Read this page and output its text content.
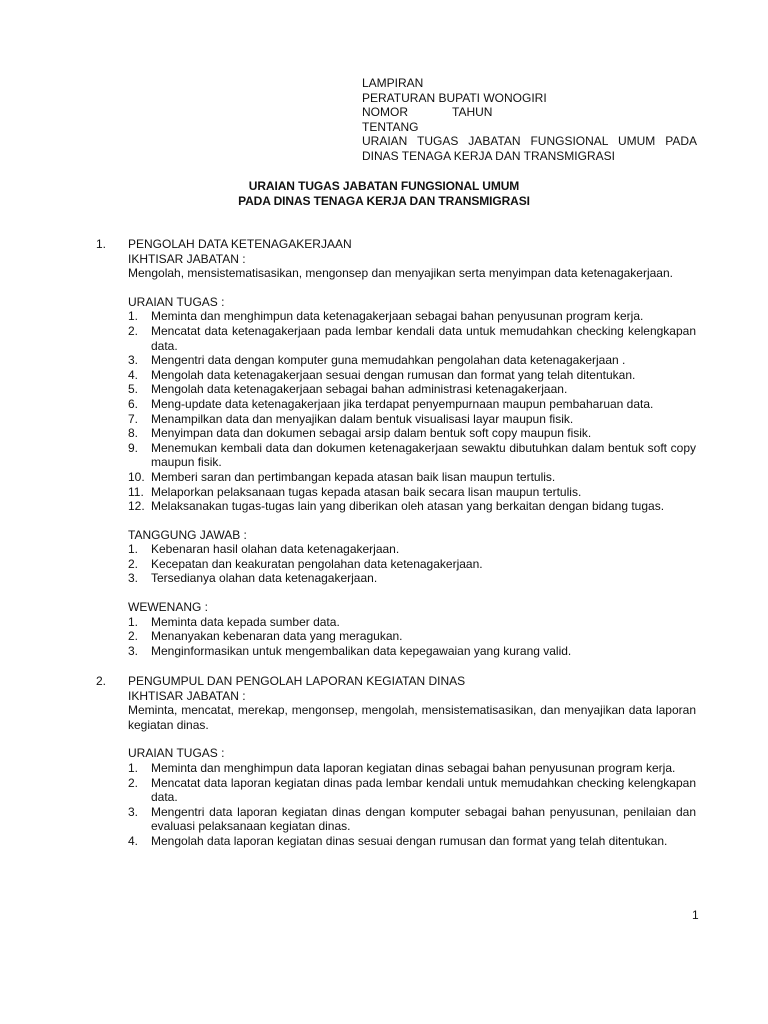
LAMPIRAN
PERATURAN BUPATI WONOGIRI
NOMOR	TAHUN
TENTANG
URAIAN TUGAS JABATAN FUNGSIONAL UMUM PADA
DINAS TENAGA KERJA DAN TRANSMIGRASI
URAIAN TUGAS JABATAN FUNGSIONAL UMUM
PADA DINAS TENAGA KERJA DAN TRANSMIGRASI
1.	PENGOLAH DATA KETENAGAKERJAAN
IKHTISAR JABATAN :
Mengolah, mensistematisasikan, mengonsep dan menyajikan serta menyimpan data ketenagakerjaan.
URAIAN TUGAS :
1.	Meminta dan menghimpun data ketenagakerjaan sebagai bahan penyusunan program kerja.
2.	Mencatat data ketenagakerjaan pada lembar kendali data untuk memudahkan checking kelengkapan data.
3.	Mengentri data dengan komputer guna memudahkan pengolahan data ketenagakerjaan .
4.	Mengolah data ketenagakerjaan sesuai dengan rumusan dan format yang telah ditentukan.
5.	Mengolah data ketenagakerjaan sebagai bahan administrasi ketenagakerjaan.
6.	Meng-update data ketenagakerjaan jika terdapat penyempurnaan maupun pembaharuan data.
7.	Menampilkan data dan menyajikan dalam bentuk visualisasi layar maupun fisik.
8.	Menyimpan data dan dokumen sebagai arsip dalam bentuk soft copy maupun fisik.
9.	Menemukan kembali data dan dokumen ketenagakerjaan sewaktu dibutuhkan dalam bentuk soft copy maupun fisik.
10. Memberi saran dan pertimbangan kepada atasan baik lisan maupun tertulis.
11. Melaporkan pelaksanaan tugas kepada atasan baik secara lisan maupun tertulis.
12. Melaksanakan tugas-tugas lain yang diberikan oleh atasan yang berkaitan dengan bidang tugas.
TANGGUNG JAWAB :
1.	Kebenaran hasil olahan data ketenagakerjaan.
2.	Kecepatan dan keakuratan pengolahan data ketenagakerjaan.
3.	Tersedianya olahan data ketenagakerjaan.
WEWENANG :
1.	Meminta data kepada sumber data.
2.	Menanyakan kebenaran data yang meragukan.
3.	Menginformasikan untuk mengembalikan data kepegawaian yang kurang valid.
2.	PENGUMPUL DAN PENGOLAH LAPORAN KEGIATAN DINAS
IKHTISAR JABATAN :
Meminta, mencatat, merekap, mengonsep, mengolah, mensistematisasikan, dan menyajikan data laporan kegiatan dinas.
URAIAN TUGAS :
1.	Meminta dan menghimpun data laporan kegiatan dinas sebagai bahan penyusunan program kerja.
2.	Mencatat data laporan kegiatan dinas pada lembar kendali untuk memudahkan checking kelengkapan data.
3.	Mengentri data laporan kegiatan dinas dengan komputer sebagai bahan penyusunan, penilaian dan evaluasi pelaksanaan kegiatan dinas.
4.	Mengolah data laporan kegiatan dinas sesuai dengan rumusan dan format yang telah ditentukan.
1
